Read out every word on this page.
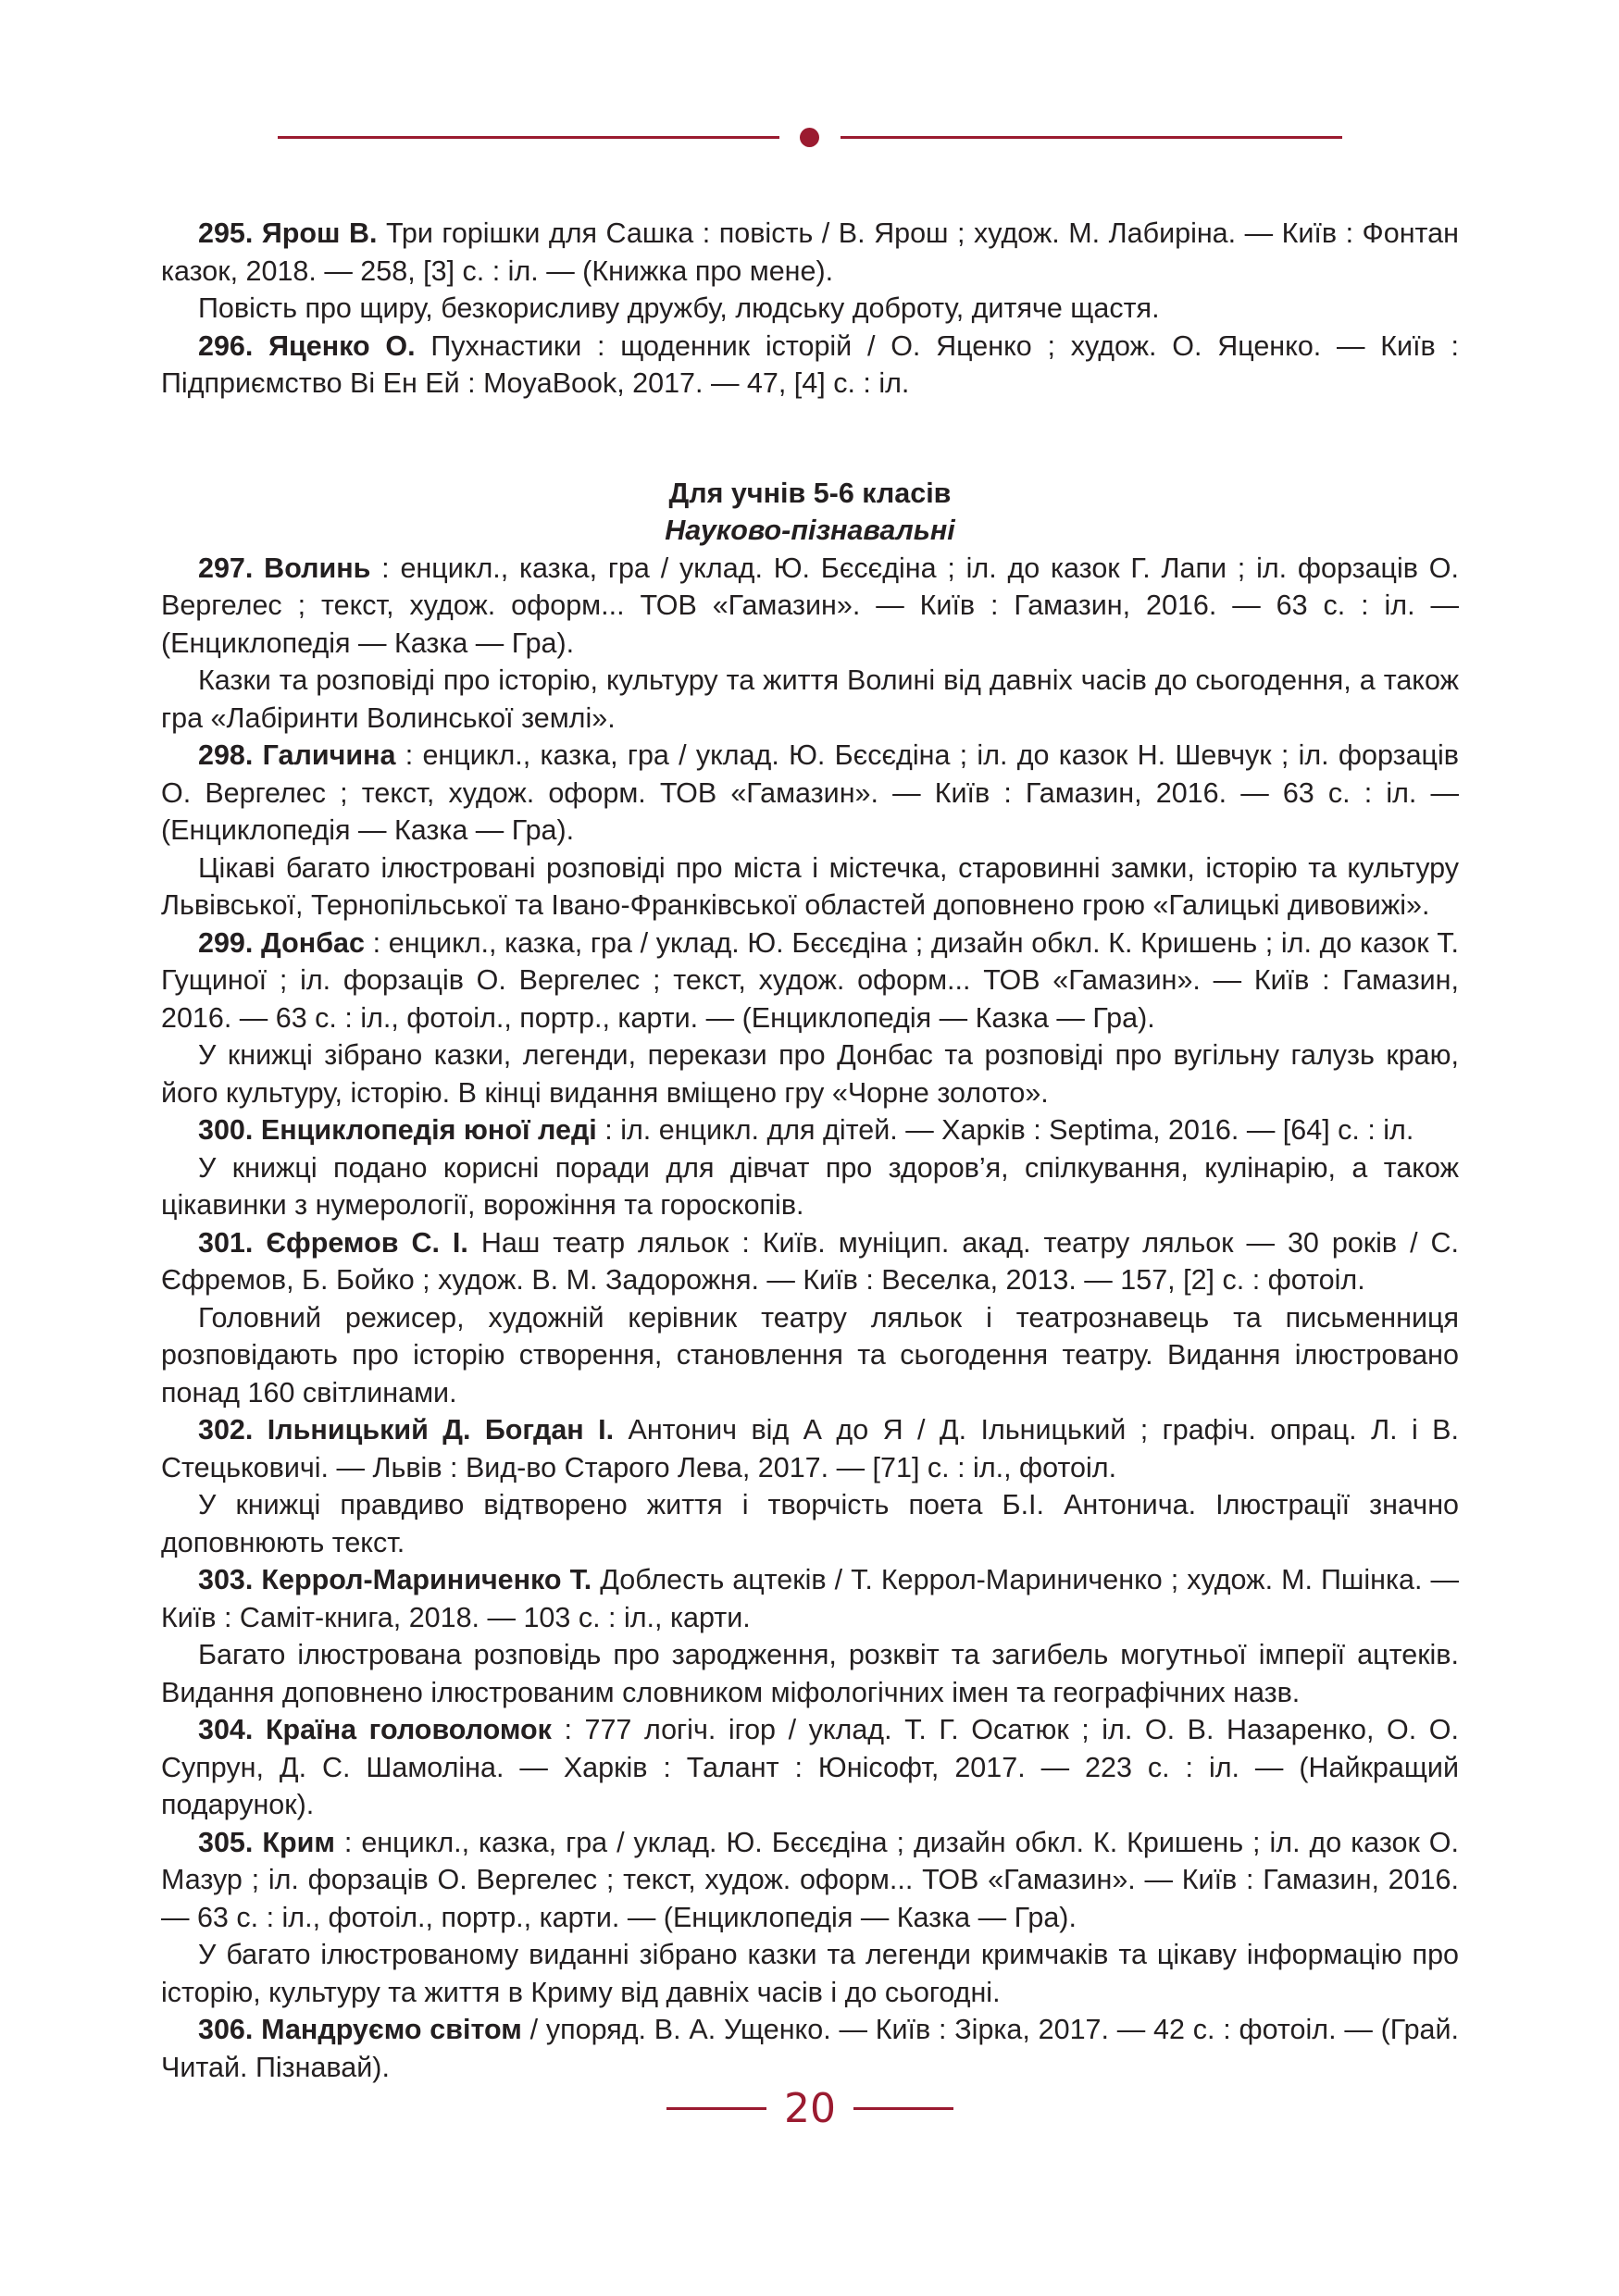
295. Ярош В. Три горішки для Сашка : повість / В. Ярош ; худож. М. Лабиріна. — Київ : Фонтан казок, 2018. — 258, [3] с. : іл. — (Книжка про мене).

Повість про щиру, безкорисливу дружбу, людську доброту, дитяче щастя.

296. Яценко О. Пухнастики : щоденник історій / О. Яценко ; худож. О. Яценко. — Київ : Підприємство Ві Ен Ей : MoyaBook, 2017. — 47, [4] с. : іл.

Для учнів 5-6 класів

Науково-пізнавальні

297. Волинь : енцикл., казка, гра / уклад. Ю. Бєсєдіна ; іл. до казок Г. Лапи ; іл. форзаців О. Вергелес ; текст, худож. оформ... ТОВ «Гамазин». — Київ : Гамазин, 2016. — 63 с. : іл. — (Енциклопедія — Казка — Гра).

Казки та розповіді про історію, культуру та життя Волині від давніх часів до сьогодення, а також гра «Лабіринти Волинської землі».

298. Галичина : енцикл., казка, гра / уклад. Ю. Бєсєдіна ; іл. до казок Н. Шевчук ; іл. форзаців О. Вергелес ; текст, худож. оформ. ТОВ «Гамазин». — Київ : Гамазин, 2016. — 63 с. : іл. — (Енциклопедія — Казка — Гра).

Цікаві багато ілюстровані розповіді про міста і містечка, старовинні замки, історію та культуру Львівської, Тернопільської та Івано-Франківської областей доповнено грою «Галицькі дивовижі».

299. Донбас : енцикл., казка, гра / уклад. Ю. Бєсєдіна ; дизайн обкл. К. Кришень ; іл. до казок Т. Гущиної ; іл. форзаців О. Вергелес ; текст, худож. оформ... ТОВ «Гамазин». — Київ : Гамазин, 2016. — 63 с. : іл., фотоіл., портр., карти. — (Енциклопедія — Казка — Гра).

У книжці зібрано казки, легенди, перекази про Донбас та розповіді про вугільну галузь краю, його культуру, історію. В кінці видання вміщено гру «Чорне золото».

300. Енциклопедія юної леді : іл. енцикл. для дітей. — Харків : Septima, 2016. — [64] с. : іл.

У книжці подано корисні поради для дівчат про здоров’я, спілкування, кулінарію, а також цікавинки з нумерології, ворожіння та гороскопів.

301. Єфремов С. І. Наш театр ляльок : Київ. муніцип. акад. театру ляльок — 30 років / С. Єфремов, Б. Бойко ; худож. В. М. Задорожня. — Київ : Веселка, 2013. — 157, [2] с. : фотоіл.

Головний режисер, художній керівник театру ляльок і театрознавець та письменниця розповідають про історію створення, становлення та сьогодення театру. Видання ілюстровано понад 160 світлинами.

302. Ільницький Д. Богдан І. Антонич від А до Я / Д. Ільницький ; графіч. опрац. Л. і В. Стецьковичі. — Львів : Вид-во Старого Лева, 2017. — [71] с. : іл., фотоіл.

У книжці правдиво відтворено життя і творчість поета Б.І. Антонича. Ілюстрації значно доповнюють текст.

303. Керрол-Мариниченко Т. Доблесть ацтеків / Т. Керрол-Мариниченко ; худож. М. Пшінка. — Київ : Саміт-книга, 2018. — 103 с. : іл., карти.

Багато ілюстрована розповідь про зародження, розквіт та загибель могутньої імперії ацтеків. Видання доповнено ілюстрованим словником міфологічних імен та географічних назв.

304. Країна головоломок : 777 логіч. ігор / уклад. Т. Г. Осатюк ; іл. О. В. Назаренко, О. О. Супрун, Д. С. Шамоліна. — Харків : Талант : Юнісофт, 2017. — 223 с. : іл. — (Найкращий подарунок).

305. Крим : енцикл., казка, гра / уклад. Ю. Бєсєдіна ; дизайн обкл. К. Кришень ; іл. до казок О. Мазур ; іл. форзаців О. Вергелес ; текст, худож. оформ... ТОВ «Гамазин». — Київ : Гамазин, 2016. — 63 с. : іл., фотоіл., портр., карти. — (Енциклопедія — Казка — Гра).

У багато ілюстрованому виданні зібрано казки та легенди кримчаків та цікаву інформацію про історію, культуру та життя в Криму від давніх часів і до сьогодні.

306. Мандруємо світом / упоряд. В. А. Ущенко. — Київ : Зірка, 2017. — 42 с. : фотоіл. — (Грай. Читай. Пізнавай).

20
